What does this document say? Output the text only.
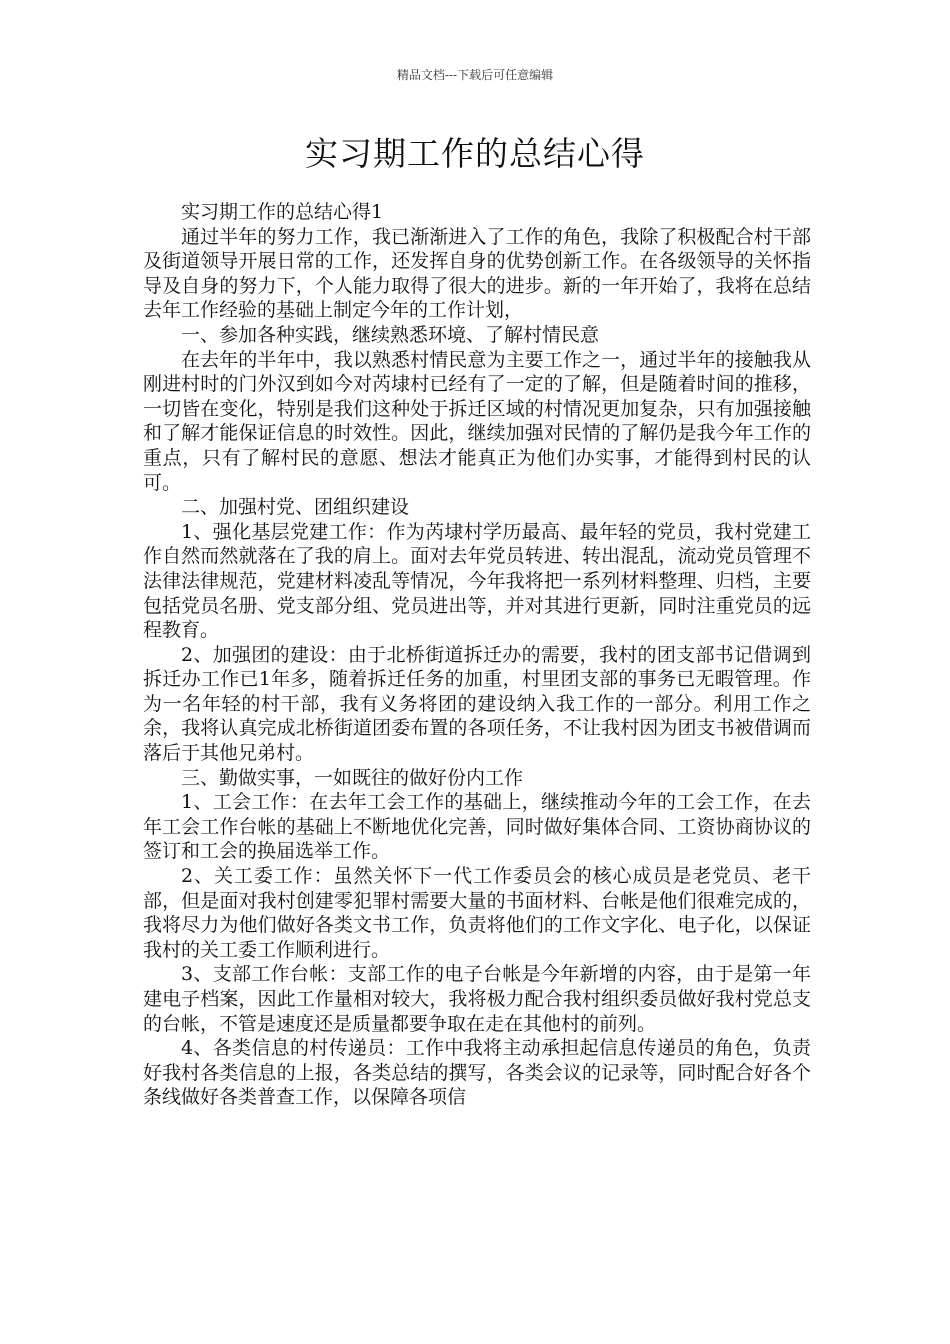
精品文档---下载后可任意编辑
实习期工作的总结心得

实习期工作的总结心得1

通过半年的努力工作，我已渐渐进入了工作的角色，我除了积极配合村干部及街道领导开展日常的工作，还发挥自身的优势创新工作。在各级领导的关怀指导及自身的努力下，个人能力取得了很大的进步。新的一年开始了，我将在总结去年工作经验的基础上制定今年的工作计划，

一、参加各种实践，继续熟悉环境、了解村情民意

在去年的半年中，我以熟悉村情民意为主要工作之一，通过半年的接触我从刚进村时的门外汉到如今对芮埭村已经有了一定的了解，但是随着时间的推移，一切皆在变化，特别是我们这种处于拆迁区域的村情况更加复杂，只有加强接触和了解才能保证信息的时效性。因此，继续加强对民情的了解仍是我今年工作的重点，只有了解村民的意愿、想法才能真正为他们办实事，才能得到村民的认可。

二、加强村党、团组织建设

1、强化基层党建工作：作为芮埭村学历最高、最年轻的党员，我村党建工作自然而然就落在了我的肩上。面对去年党员转进、转出混乱，流动党员管理不法律法律规范，党建材料凌乱等情况，今年我将把一系列材料整理、归档，主要包括党员名册、党支部分组、党员进出等，并对其进行更新，同时注重党员的远程教育。

2、加强团的建设：由于北桥街道拆迁办的需要，我村的团支部书记借调到拆迁办工作已1年多，随着拆迁任务的加重，村里团支部的事务已无暇管理。作为一名年轻的村干部，我有义务将团的建设纳入我工作的一部分。利用工作之余，我将认真完成北桥街道团委布置的各项任务，不让我村因为团支书被借调而落后于其他兄弟村。

三、勤做实事，一如既往的做好份内工作

1、工会工作：在去年工会工作的基础上，继续推动今年的工会工作，在去年工会工作台帐的基础上不断地优化完善，同时做好集体合同、工资协商协议的签订和工会的换届选举工作。

2、关工委工作：虽然关怀下一代工作委员会的核心成员是老党员、老干部，但是面对我村创建零犯罪村需要大量的书面材料、台帐是他们很难完成的，我将尽力为他们做好各类文书工作，负责将他们的工作文字化、电子化，以保证我村的关工委工作顺利进行。

3、支部工作台帐：支部工作的电子台帐是今年新增的内容，由于是第一年建电子档案，因此工作量相对较大，我将极力配合我村组织委员做好我村党总支的台帐，不管是速度还是质量都要争取在走在其他村的前列。

4、各类信息的村传递员：工作中我将主动承担起信息传递员的角色，负责好我村各类信息的上报，各类总结的撰写，各类会议的记录等，同时配合好各个条线做好各类普查工作，以保障各项信
